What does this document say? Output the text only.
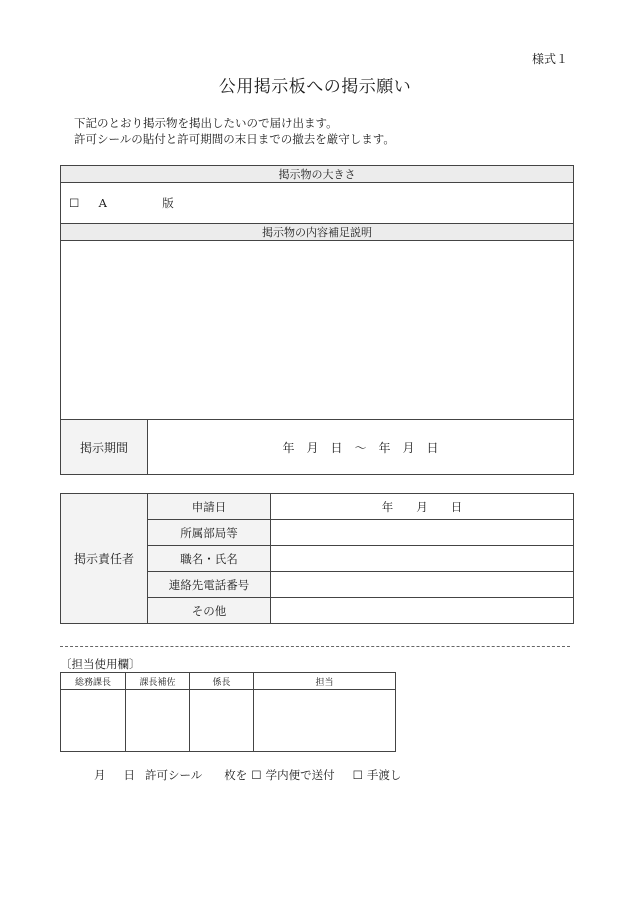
様式１
公用掲示板への掲示願い
下記のとおり掲示物を掲出したいので届け出ます。
許可シールの貼付と許可期間の末日までの撤去を厳守します。
掲示物の大きさ
☐ A	版
掲示物の内容補足説明

掲示期間	年　月　日　～　年　月　日
掲示責任者	申請日	年　　月　　日
	所属部局等	
	職名・氏名	
	連絡先電話番号	
	その他	
〔担当使用欄〕
総務課長	課長補佐	係長	担当

月 日 許可シール 枚を ☐ 学内便で送付 ☐ 手渡し
